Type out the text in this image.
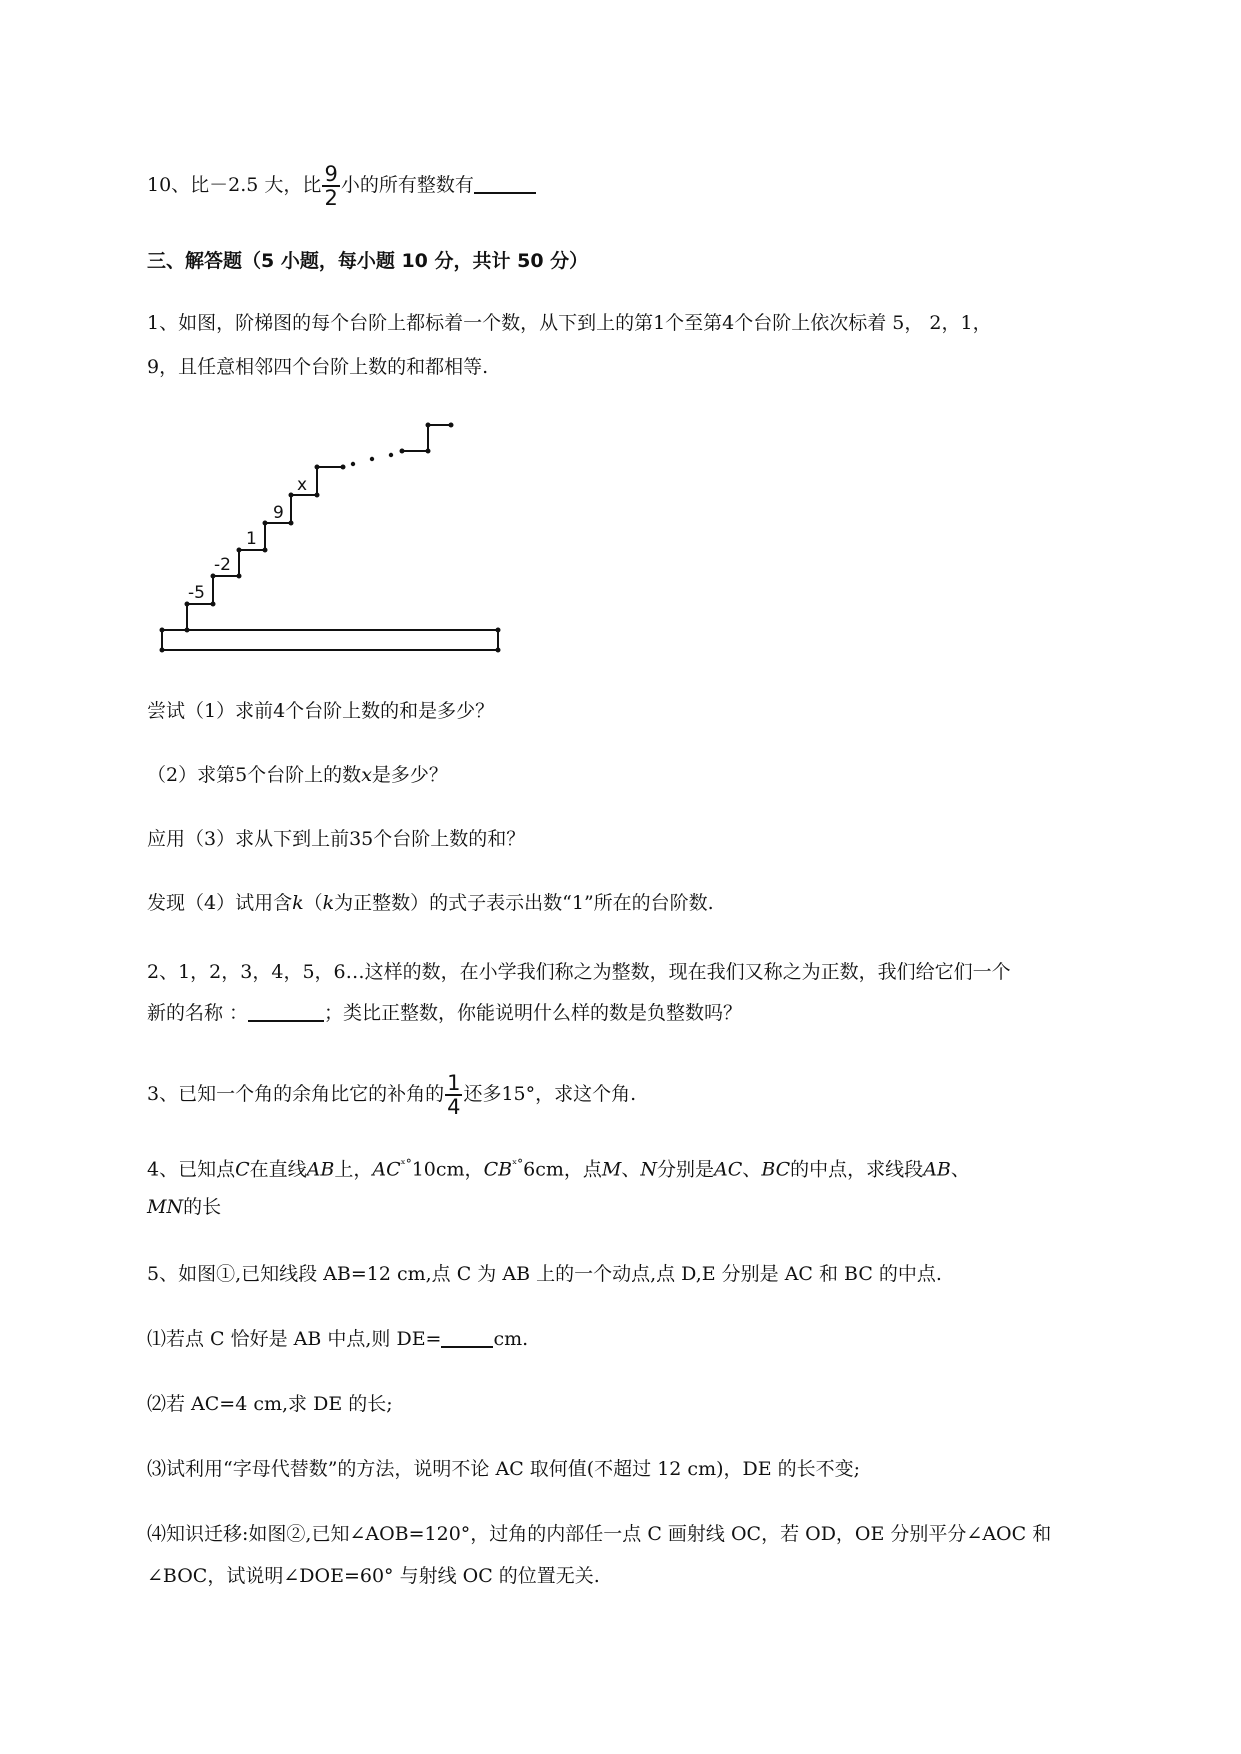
10、比－2.5 大，比 $\frac{9}{2}$ 小的所有整数有
三、解答题（5 小题，每小题 10 分，共计 50 分）
1、如图，阶梯图的每个台阶上都标着一个数，从下到上的第1个至第4个台阶上依次标着 5， 2，1，
9，且任意相邻四个台阶上数的和都相等.
-5
-2
1
9
x
尝试（1）求前4个台阶上数的和是多少？
（2）求第5个台阶上的数x是多少？
应用（3）求从下到上前35个台阶上数的和？
发现（4）试用含k（k为正整数）的式子表示出数“1”所在的台阶数.
2、1，2，3，4，5，6…这样的数，在小学我们称之为整数，现在我们又称之为正数，我们给它们一个
新的名称 ：	；类比正整数，你能说明什么样的数是负整数吗？
3、已知一个角的余角比它的补角的 $\frac{1}{4}$ 还多15°，求这个角.
4、已知点C在直线AB上，$AC^{ˣ^\circ}10cm$，$CB^{ˣ^\circ}6cm$，点M、N分别是AC、BC的中点，求线段AB、
MN的长
5、如图①,已知线段 AB=12 cm,点 C 为 AB 上的一个动点,点 D,E 分别是 AC 和 BC 的中点.
⑴若点 C 恰好是 AB 中点,则 DE=	cm.
⑵若 AC=4 cm,求 DE 的长;
⑶试利用“字母代替数”的方法，说明不论 AC 取何值(不超过 12 cm)，DE 的长不变;
⑷知识迁移:如图②,已知∠AOB=120°，过角的内部任一点 C 画射线 OC，若 OD，OE 分别平分∠AOC 和
∠BOC，试说明∠DOE=60° 与射线 OC 的位置无关.
